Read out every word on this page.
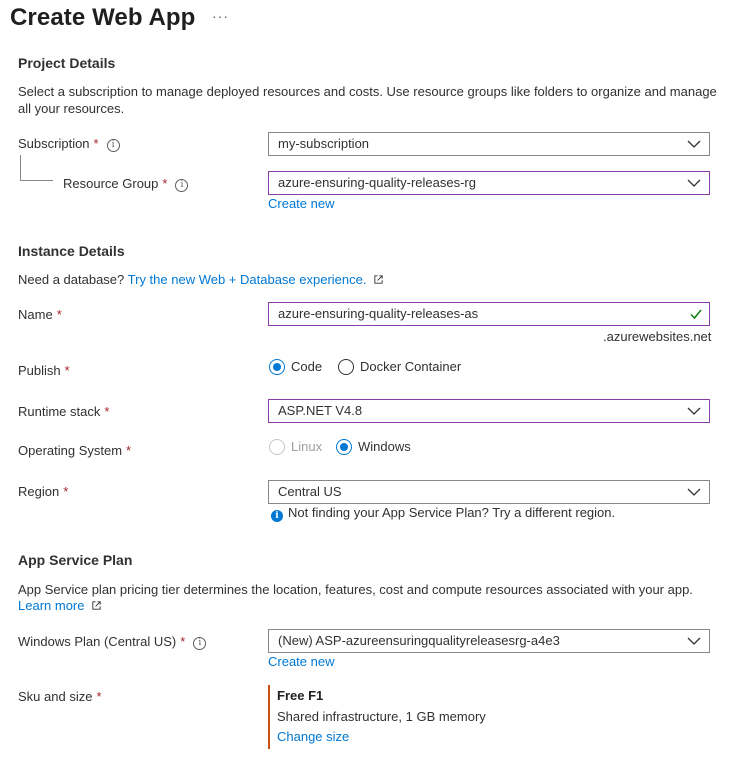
Create Web App ···
Project Details
Select a subscription to manage deployed resources and costs. Use resource groups like folders to organize and manage all your resources.
Subscription * i	my-subscription
Resource Group * i	azure-ensuring-quality-releases-rg
Create new
Instance Details
Need a database? Try the new Web + Database experience.
Name *	azure-ensuring-quality-releases-as
.azurewebsites.net
Publish *	Code	Docker Container
Runtime stack *	ASP.NET V4.8
Operating System *	Linux	Windows
Region *	Central US
i Not finding your App Service Plan? Try a different region.
App Service Plan
App Service plan pricing tier determines the location, features, cost and compute resources associated with your app.
Learn more
Windows Plan (Central US) * i	(New) ASP-azureensuringqualityreleasesrg-a4e3
Create new
Sku and size *	Free F1
Shared infrastructure, 1 GB memory
Change size
